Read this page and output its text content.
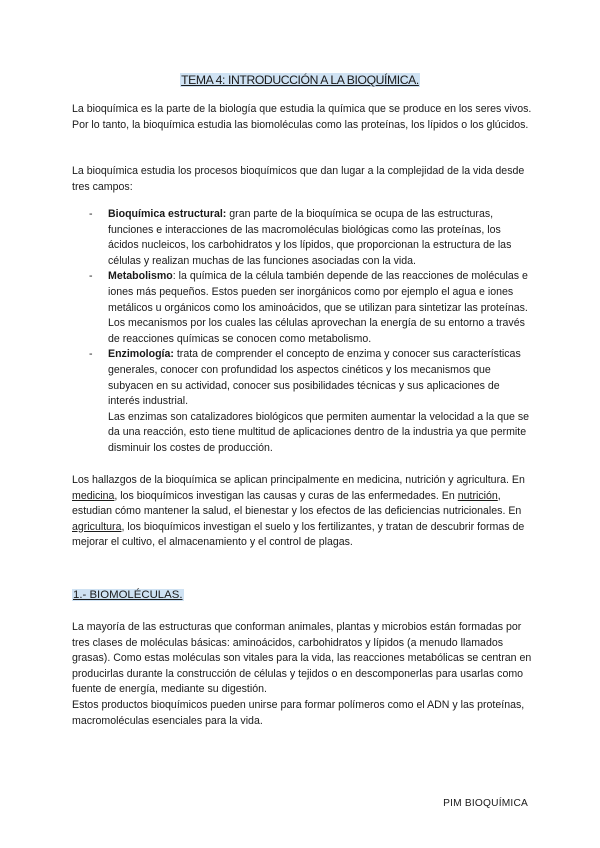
TEMA 4: INTRODUCCIÓN A LA BIOQUÍMICA.

La bioquímica es la parte de la biología que estudia la química que se produce en los seres vivos. Por lo tanto, la bioquímica estudia las biomoléculas como las proteínas, los lípidos o los glúcidos.

La bioquímica estudia los procesos bioquímicos que dan lugar a la complejidad de la vida desde tres campos:

- Bioquímica estructural: gran parte de la bioquímica se ocupa de las estructuras, funciones e interacciones de las macromoléculas biológicas como las proteínas, los ácidos nucleicos, los carbohidratos y los lípidos, que proporcionan la estructura de las células y realizan muchas de las funciones asociadas con la vida.
- Metabolismo: la química de la célula también depende de las reacciones de moléculas e iones más pequeños. Estos pueden ser inorgánicos como por ejemplo el agua e iones metálicos u orgánicos como los aminoácidos, que se utilizan para sintetizar las proteínas.
Los mecanismos por los cuales las células aprovechan la energía de su entorno a través de reacciones químicas se conocen como metabolismo.
- Enzimología: trata de comprender el concepto de enzima y conocer sus características generales, conocer con profundidad los aspectos cinéticos y los mecanismos que subyacen en su actividad, conocer sus posibilidades técnicas y sus aplicaciones de interés industrial.
Las enzimas son catalizadores biológicos que permiten aumentar la velocidad a la que se da una reacción, esto tiene multitud de aplicaciones dentro de la industria ya que permite disminuir los costes de producción.

Los hallazgos de la bioquímica se aplican principalmente en medicina, nutrición y agricultura. En medicina, los bioquímicos investigan las causas y curas de las enfermedades. En nutrición, estudian cómo mantener la salud, el bienestar y los efectos de las deficiencias nutricionales. En agricultura, los bioquímicos investigan el suelo y los fertilizantes, y tratan de descubrir formas de mejorar el cultivo, el almacenamiento y el control de plagas.

1.- BIOMOLÉCULAS.

La mayoría de las estructuras que conforman animales, plantas y microbios están formadas por tres clases de moléculas básicas: aminoácidos, carbohidratos y lípidos (a menudo llamados grasas). Como estas moléculas son vitales para la vida, las reacciones metabólicas se centran en producirlas durante la construcción de células y tejidos o en descomponerlas para usarlas como fuente de energía, mediante su digestión.

Estos productos bioquímicos pueden unirse para formar polímeros como el ADN y las proteínas, macromoléculas esenciales para la vida.

PIM BIOQUÍMICA
